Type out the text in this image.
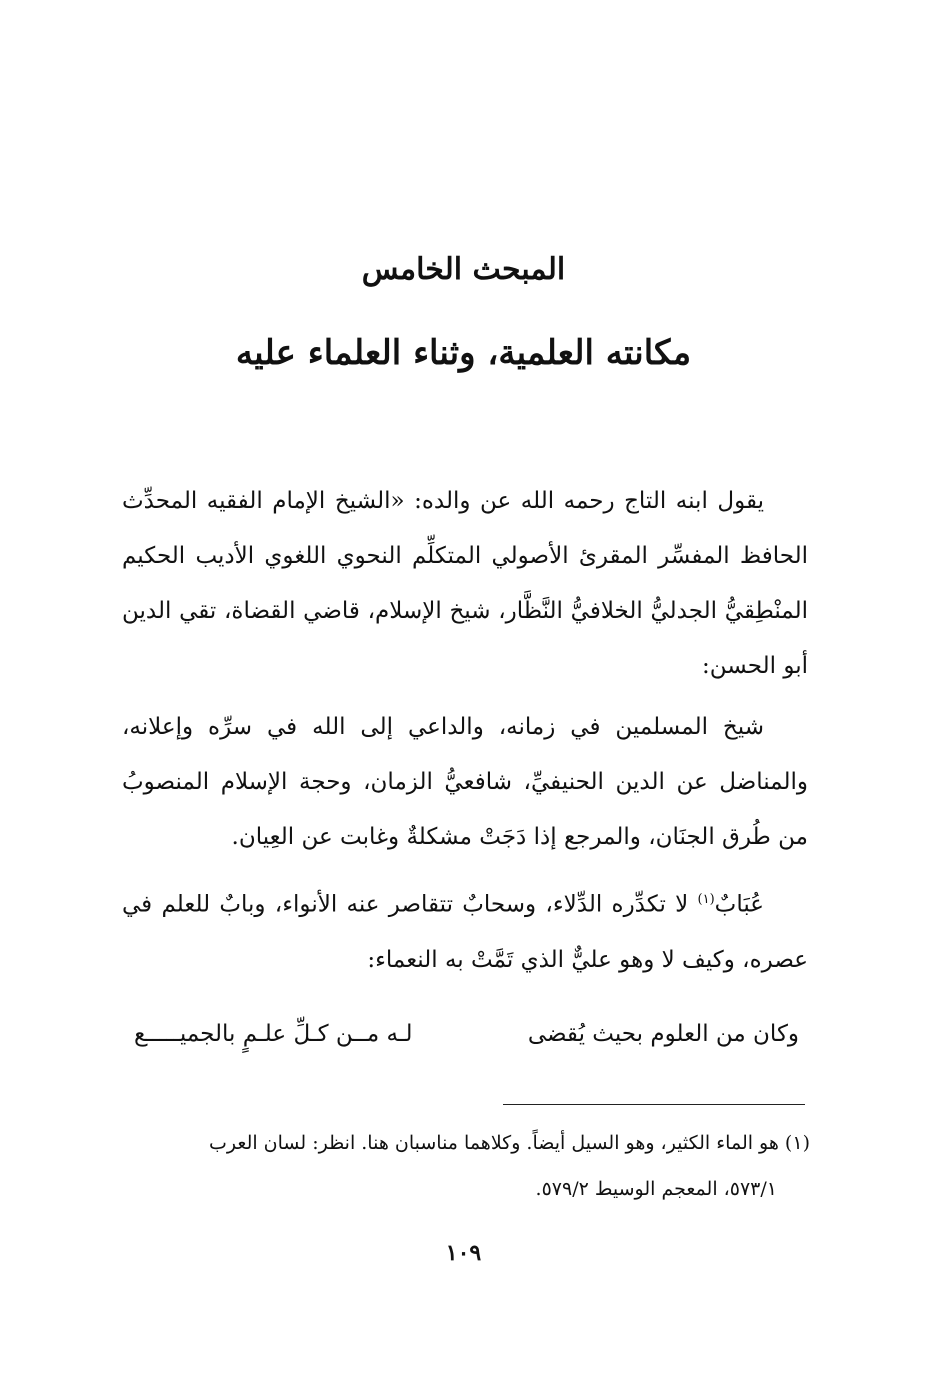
المبحث الخامس
مكانته العلمية، وثناء العلماء عليه
يقول ابنه التاج رحمه الله عن والده: «الشيخ الإمام الفقيه المحدِّث الحافظ المفسِّر المقرئ الأصولي المتكلِّم النحوي اللغوي الأديب الحكيم المنْطِقيُّ الجدليُّ الخلافيُّ النَّظَّار، شيخ الإسلام، قاضي القضاة، تقي الدين أبو الحسن:
شيخ المسلمين في زمانه، والداعي إلى الله في سرِّه وإعلانه، والمناضل عن الدين الحنيفيِّ، شافعيُّ الزمان، وحجة الإسلام المنصوبُ من طُرق الجنَان، والمرجع إذا دَجَتْ مشكلةٌ وغابت عن العِيان.
عُبَابٌ$^{(١)}$ لا تكدِّره الدِّلاء، وسحابٌ تتقاصر عنه الأنواء، وبابٌ للعلم في عصره، وكيف لا وهو عليٌّ الذي تَمَّتْ به النعماء:
وكان من العلوم بحيث يُقضى
لـه مــن كـلِّ علـمٍ بالجميـــــع
(١) هو الماء الكثير، وهو السيل أيضاً. وكلاهما مناسبان هنا. انظر: لسان العرب
٥٧٣/١، المعجم الوسيط ٥٧٩/٢.
١٠٩
